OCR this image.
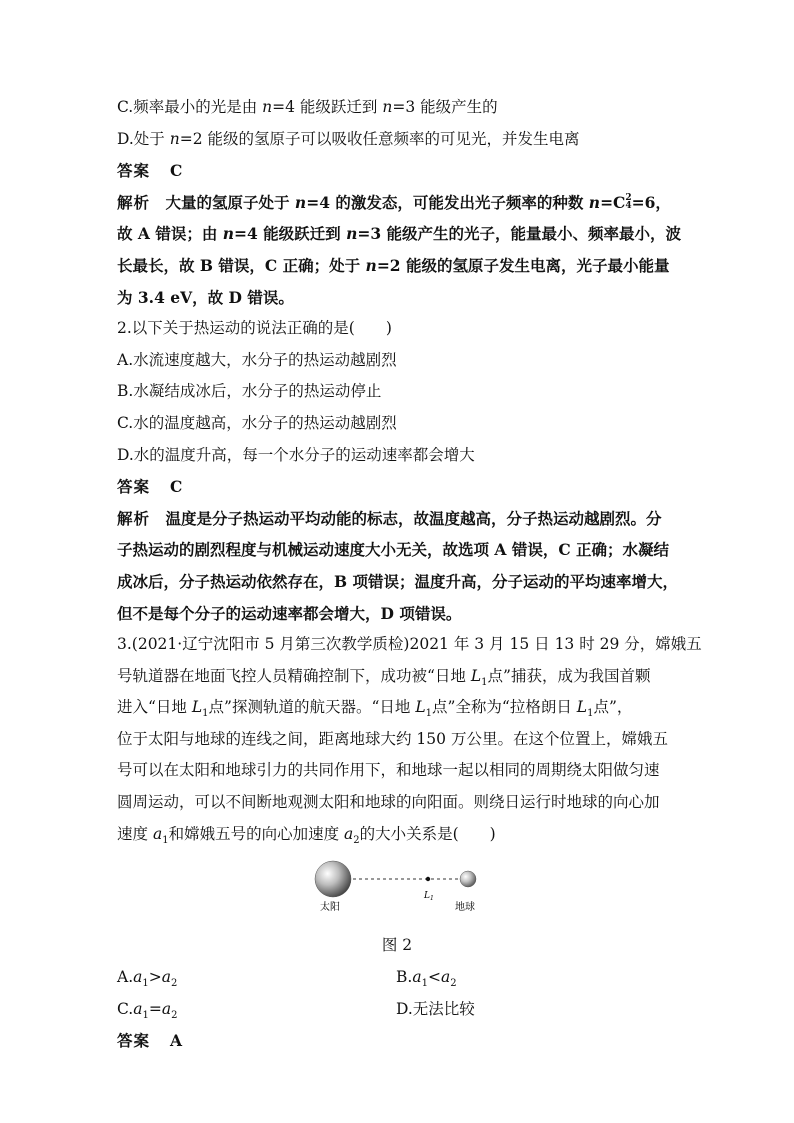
C.频率最小的光是由 n=4 能级跃迁到 n=3 能级产生的
D.处于 n=2 能级的氢原子可以吸收任意频率的可见光，并发生电离
答案 C
解析　大量的氢原子处于 n=4 的激发态，可能发出光子频率的种数 n=C 2
4 =6，
故 A 错误；由 n=4 能级跃迁到 n=3 能级产生的光子，能量最小、频率最小，波
长最长，故 B 错误，C 正确；处于 n=2 能级的氢原子发生电离，光子最小能量
为 3.4 eV，故 D 错误。
2.以下关于热运动的说法正确的是(　　)
A.水流速度越大，水分子的热运动越剧烈
B.水凝结成冰后，水分子的热运动停止
C.水的温度越高，水分子的热运动越剧烈
D.水的温度升高，每一个水分子的运动速率都会增大
答案 C
解析　温度是分子热运动平均动能的标志，故温度越高，分子热运动越剧烈。分
子热运动的剧烈程度与机械运动速度大小无关，故选项 A 错误，C 正确；水凝结
成冰后，分子热运动依然存在，B 项错误；温度升高，分子运动的平均速率增大，
但不是每个分子的运动速率都会增大，D 项错误。
3.(2021·辽宁沈阳市 5 月第三次教学质检)2021 年 3 月 15 日 13 时 29 分，嫦娥五
号轨道器在地面飞控人员精确控制下，成功被“日地 $L_1$点”捕获，成为我国首颗
进入“日地 $L_1$点”探测轨道的航天器。“日地 $L_1$点”全称为“拉格朗日 $L_1$点”，
位于太阳与地球的连线之间，距离地球大约 150 万公里。在这个位置上，嫦娥五
号可以在太阳和地球引力的共同作用下，和地球一起以相同的周期绕太阳做匀速
圆周运动，可以不间断地观测太阳和地球的向阳面。则绕日运行时地球的向心加
速度 $a_1$和嫦娥五号的向心加速度 $a_2$的大小关系是(　　)
太阳
$L_1$
地球
图 2
$A.a_1>a_2$	$B.a_1<a_2$
$C.a_1=a_2$	D.无法比较
答案 A
